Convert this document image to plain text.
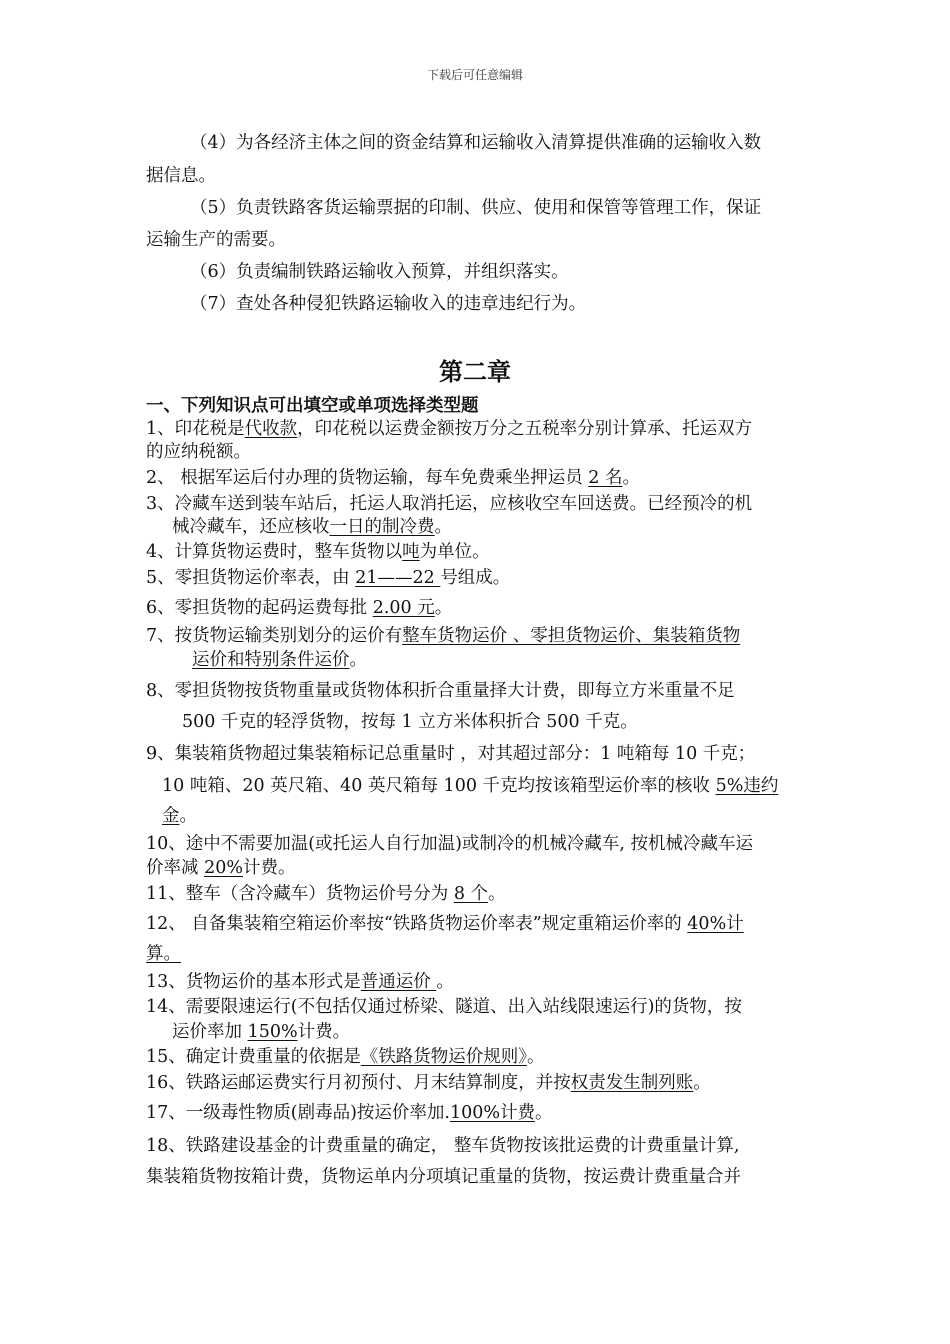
下载后可任意编辑
（4）为各经济主体之间的资金结算和运输收入清算提供准确的运输收入数
据信息。
（5）负责铁路客货运输票据的印制、供应、使用和保管等管理工作，保证
运输生产的需要。
（6）负责编制铁路运输收入预算，并组织落实。
（7）查处各种侵犯铁路运输收入的违章违纪行为。
第二章
一、下列知识点可出填空或单项选择类型题
1、印花税是代收款，印花税以运费金额按万分之五税率分别计算承、托运双方
的应纳税额。
2、 根据军运后付办理的货物运输，每车免费乘坐押运员 2 名。
3、冷藏车送到装车站后，托运人取消托运，应核收空车回送费。已经预冷的机
械冷藏车，还应核收一日的制冷费。
4、计算货物运费时，整车货物以吨为单位。
5、零担货物运价率表，由 21——22 号组成。
6、零担货物的起码运费每批 2.00 元。
7、按货物运输类别划分的运价有整车货物运价 、零担货物运价、集装箱货物
运价和特别条件运价。
8、零担货物按货物重量或货物体积折合重量择大计费，即每立方米重量不足
500 千克的轻浮货物，按每 1 立方米体积折合 500 千克。
9、集装箱货物超过集装箱标记总重量时 ，对其超过部分：1 吨箱每 10 千克；
10 吨箱、20 英尺箱、40 英尺箱每 100 千克均按该箱型运价率的核收 5%违约
金。
10、途中不需要加温(或托运人自行加温)或制冷的机械冷藏车, 按机械冷藏车运
价率减 20%计费。
11、整车（含冷藏车）货物运价号分为 8 个。
12、 自备集装箱空箱运价率按“铁路货物运价率表”规定重箱运价率的 40%计
算。
13、货物运价的基本形式是普通运价 。
14、需要限速运行(不包括仅通过桥梁、隧道、出入站线限速运行)的货物，按
运价率加 150%计费。
15、确定计费重量的依据是《铁路货物运价规则》。
16、铁路运邮运费实行月初预付、月末结算制度，并按权责发生制列账。
17、一级毒性物质(剧毒品)按运价率加.100%计费。
18、铁路建设基金的计费重量的确定， 整车货物按该批运费的计费重量计算,
集装箱货物按箱计费，货物运单内分项填记重量的货物，按运费计费重量合并
